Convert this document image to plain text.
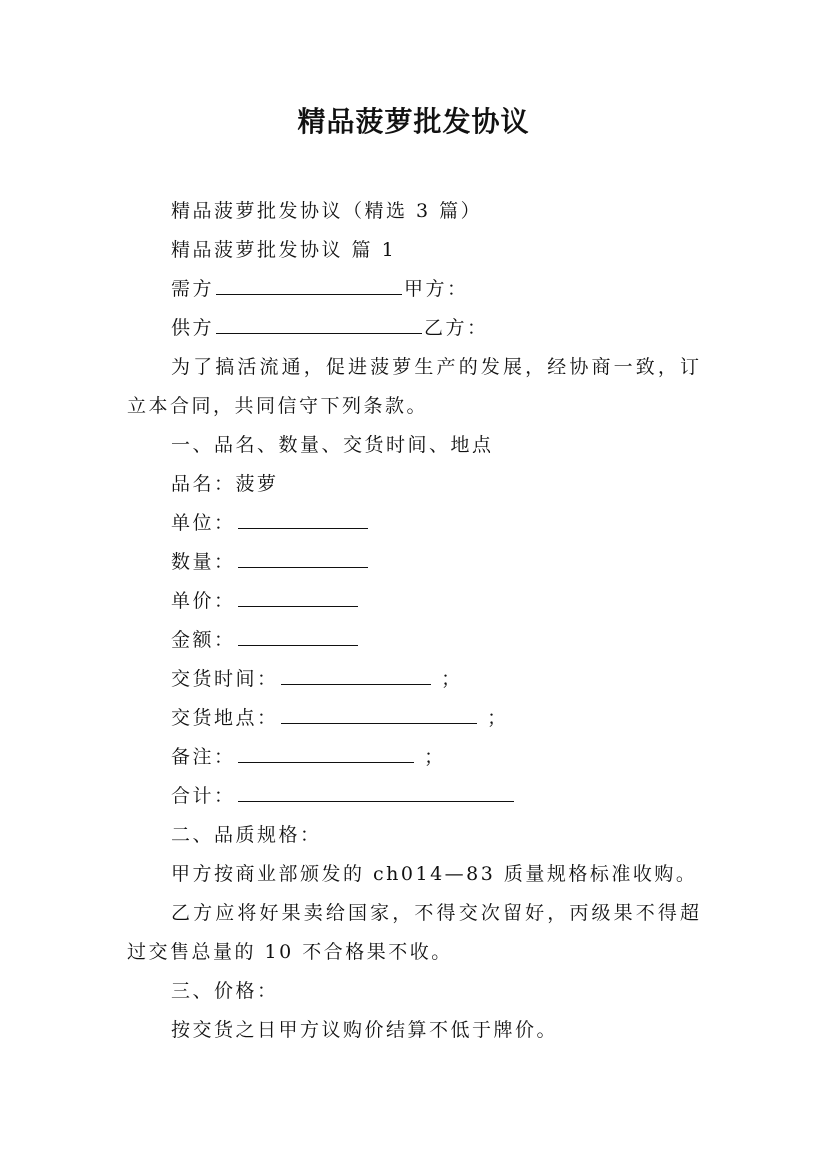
精品菠萝批发协议
精品菠萝批发协议（精选 3 篇）
精品菠萝批发协议 篇 1
需方	甲方：
供方	乙方：
为了搞活流通，促进菠萝生产的发展，经协商一致，订
立本合同，共同信守下列条款。
一、品名、数量、交货时间、地点
品名：菠萝
单位：
数量：
单价：
金额：
交货时间：	；
交货地点：	；
备注：	；
合计：
二、品质规格：
甲方按商业部颁发的 ch014—83 质量规格标准收购。
乙方应将好果卖给国家，不得交次留好，丙级果不得超
过交售总量的 10 不合格果不收。
三、价格：
按交货之日甲方议购价结算不低于牌价。
